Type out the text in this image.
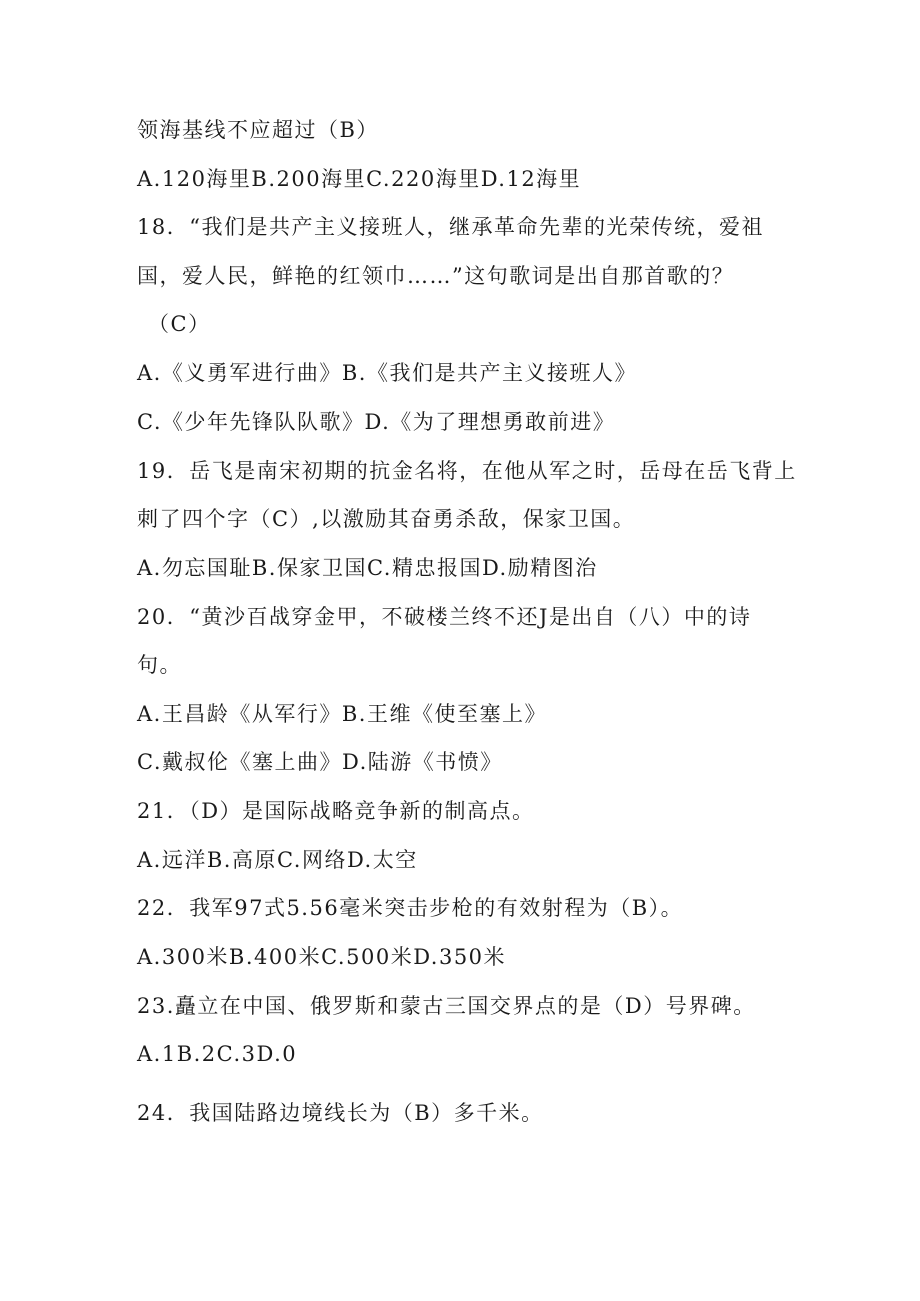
领海基线不应超过（B）
A.120海里B.200海里C.220海里D.12海里
18．“我们是共产主义接班人，继承革命先辈的光荣传统，爱祖
国，爱人民，鲜艳的红领巾……”这句歌词是出自那首歌的？
（C）
A.《义勇军进行曲》B.《我们是共产主义接班人》
C.《少年先锋队队歌》D.《为了理想勇敢前进》
19．岳飞是南宋初期的抗金名将，在他从军之时，岳母在岳飞背上
刺了四个字（C）,以激励其奋勇杀敌，保家卫国。
A.勿忘国耻B.保家卫国C.精忠报国D.励精图治
20．“黄沙百战穿金甲，不破楼兰终不还J是出自（八）中的诗
句。
A.王昌龄《从军行》B.王维《使至塞上》
C.戴叔伦《塞上曲》D.陆游《书愤》
21．（D）是国际战略竞争新的制高点。
A.远洋B.高原C.网络D.太空
22．我军97式5.56毫米突击步枪的有效射程为（B）。
A.300米B.400米C.500米D.350米
23.矗立在中国、俄罗斯和蒙古三国交界点的是（D）号界碑。
A.1B.2C.3D.0
24．我国陆路边境线长为（B）多千米。
